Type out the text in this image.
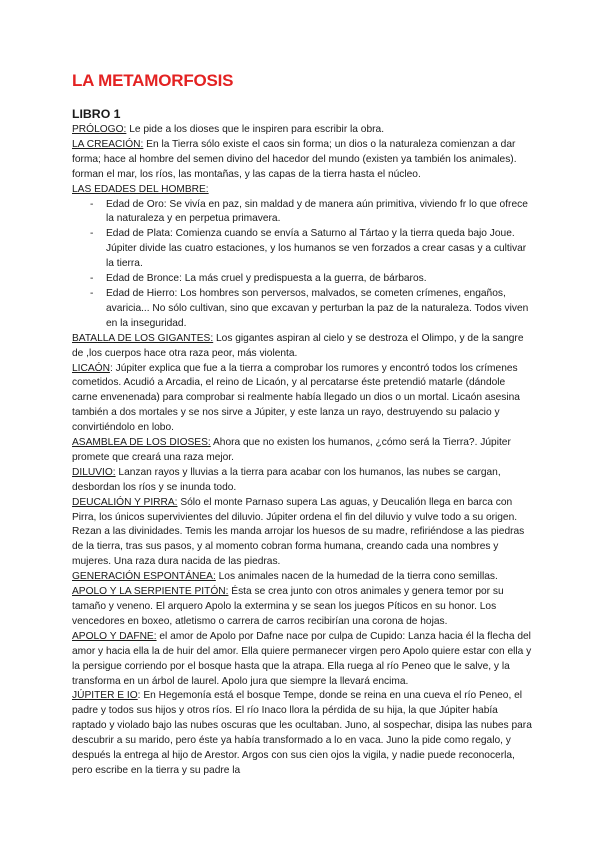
LA METAMORFOSIS
LIBRO 1

PRÓLOGO: Le pide a los dioses que le inspiren para escribir la obra.

LA CREACIÓN: En la Tierra sólo existe el caos sin forma; un dios o la naturaleza comienzan a dar forma; hace al hombre del semen divino del hacedor del mundo (existen ya también los animales). forman el mar, los ríos, las montañas, y las capas de la tierra hasta el núcleo.

LAS EDADES DEL HOMBRE:

- Edad de Oro: Se vivía en paz, sin maldad y de manera aún primitiva, viviendo fr lo que ofrece la naturaleza y en perpetua primavera.
- Edad de Plata: Comienza cuando se envía a Saturno al Tártao y la tierra queda bajo Joue. Júpiter divide las cuatro estaciones, y los humanos se ven forzados a crear casas y a cultivar la tierra.
- Edad de Bronce: La más cruel y predispuesta a la guerra, de bárbaros.
- Edad de Hierro: Los hombres son perversos, malvados, se cometen crímenes, engaños, avaricia... No sólo cultivan, sino que excavan y perturban la paz de la naturaleza. Todos viven en la inseguridad.

BATALLA DE LOS GIGANTES: Los gigantes aspiran al cielo y se destroza el Olimpo, y de la sangre de ,los cuerpos hace otra raza peor, más violenta.

LICAÓN: Júpiter explica que fue a la tierra a comprobar los rumores y encontró todos los crímenes cometidos. Acudió a Arcadia, el reino de Licaón, y al percatarse éste pretendió matarle (dándole carne envenenada) para comprobar si realmente había llegado un dios o un mortal. Licaón asesina también a dos mortales y se nos sirve a Júpiter, y este lanza un rayo, destruyendo su palacio y convirtiéndolo en lobo.

ASAMBLEA DE LOS DIOSES: Ahora que no existen los humanos, ¿cómo será la Tierra?. Júpiter promete que creará una raza mejor.

DILUVIO: Lanzan rayos y lluvias a la tierra para acabar con los humanos, las nubes se cargan, desbordan los ríos y se inunda todo.

DEUCALIÓN Y PIRRA: Sólo el monte Parnaso supera Las aguas, y Deucalión llega en barca con Pirra, los únicos supervivientes del diluvio. Júpiter ordena el fin del diluvio y vulve todo a su origen. Rezan a las divinidades. Temis les manda arrojar los huesos de su madre, refiriéndose a las piedras de la tierra, tras sus pasos, y al momento cobran forma humana, creando cada una nombres y mujeres. Una raza dura nacida de las piedras.

GENERACIÓN ESPONTÁNEA: Los animales nacen de la humedad de la tierra cono semillas.

APOLO Y LA SERPIENTE PITÓN: Ésta se crea junto con otros animales y genera temor por su tamaño y veneno. El arquero Apolo la extermina y se sean los juegos Píticos en su honor. Los vencedores en boxeo, atletismo o carrera de carros recibirían una corona de hojas.

APOLO Y DAFNE: el amor de Apolo por Dafne nace por culpa de Cupido: Lanza hacia él la flecha del amor y hacia ella la de huir del amor. Ella quiere permanecer virgen pero Apolo quiere estar con ella y la persigue corriendo por el bosque hasta que la atrapa. Ella ruega al río Peneo que le salve, y la transforma en un árbol de laurel. Apolo jura que siempre la llevará encima.

JÚPITER E IO: En Hegemonía está el bosque Tempe, donde se reina en una cueva el río Peneo, el padre y todos sus hijos y otros ríos. El río Inaco llora la pérdida de su hija, la que Júpiter había raptado y violado bajo las nubes oscuras que les ocultaban. Juno, al sospechar, disipa las nubes para descubrir a su marido, pero éste ya había transformado a lo en vaca. Juno la pide como regalo, y después la entrega al hijo de Arestor. Argos con sus cien ojos la vigila, y nadie puede reconocerla, pero escribe en la tierra y su padre la
